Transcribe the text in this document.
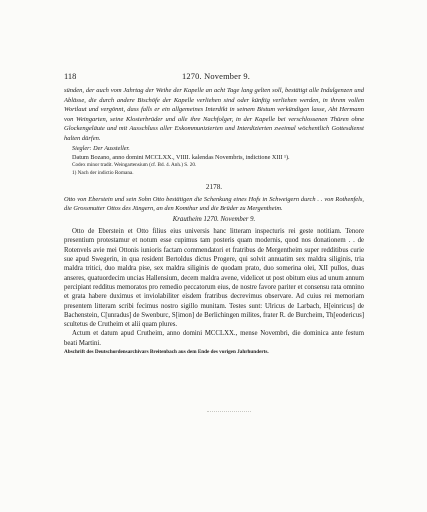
118	1270. November 9.

sünden, der auch vom Jahrtag der Weihe der Kapelle an acht Tage lang gelten soll, bestätigt alle Indulgenzen und Ablässe, die durch andere Bischöfe der Kapelle verliehen sind oder künftig verliehen werden, in ihrem vollen Wortlaut und vergönnt, dass falls er ein allgemeines Interdikt in seinem Bistum verkündigen lasse, Abt Hermann von Weingarten, seine Klosterbrüder und alle ihre Nachfolger, in der Kapelle bei verschlossenen Thüren ohne Glockengeläute und mit Ausschluss aller Exkommunizierten und Interdizierten zweimal wöchentlich Gottesdienst halten dürfen.

Siegler: Der Aussteller.

Datum Bozano, anno domini MCCLXX., VIIII. kalendas Novembris, indictione XIII ¹).

Codex minor tradit. Weingartensium (cf. Bd. 4. Anh.) S. 20.

1) Nach der indictio Romana.

2178.

Otto von Eberstein und sein Sohn Otto bestätigen die Schenkung eines Hofs in Schweigern durch . . von Rothenfels, die Grossmutter Ottos des Jüngern, an den Komthur und die Brüder zu Mergentheim.

Krautheim 1270. November 9.

Otto de Eberstein et Otto filius eius universis hanc litteram inspecturis rei geste notitiam. Tenore presentium protestamur et notum esse cupimus tam posteris quam modernis, quod nos donationem . . de Rotenvels avie mei Ottonis iunioris factam commendatori et fratribus de Mergentheim super redditibus curie sue apud Swegerin, in qua resident Bertoldus dictus Progere, qui solvit annuatim sex maldra siliginis, tria maldra tritici, duo maldra pise, sex maldra siliginis de quodam prato, duo somerina olei, XII pullos, duas anseres, quatuordecim uncias Hallensium, decem maldra avene, videlicet ut post obitum eius ad unum annum percipiant redditus memoratos pro remedio peccatorum eius, de nostre favore pariter et consensu rata omnino et grata habere duximus et inviolabiliter eisdem fratribus decrevimus observare. Ad cuius rei memoriam presentem litteram scribi fecimus nostro sigillo munitam. Testes sunt: Ulricus de Larbach, H[einricus] de Bachenstein, C[unradus] de Swenburc, S[imon] de Berlichingen milites, frater R. de Burcheim, Th[eodericus] scultetus de Crutheim et alii quam plures.

Actum et datum apud Crutheim, anno domini MCCLXX., mense Novembri, die dominica ante festum beati Martini.

Abschrift des Deutschordensarchivars Breitenbach aus dem Ende des vorigen Jahrhunderts.
